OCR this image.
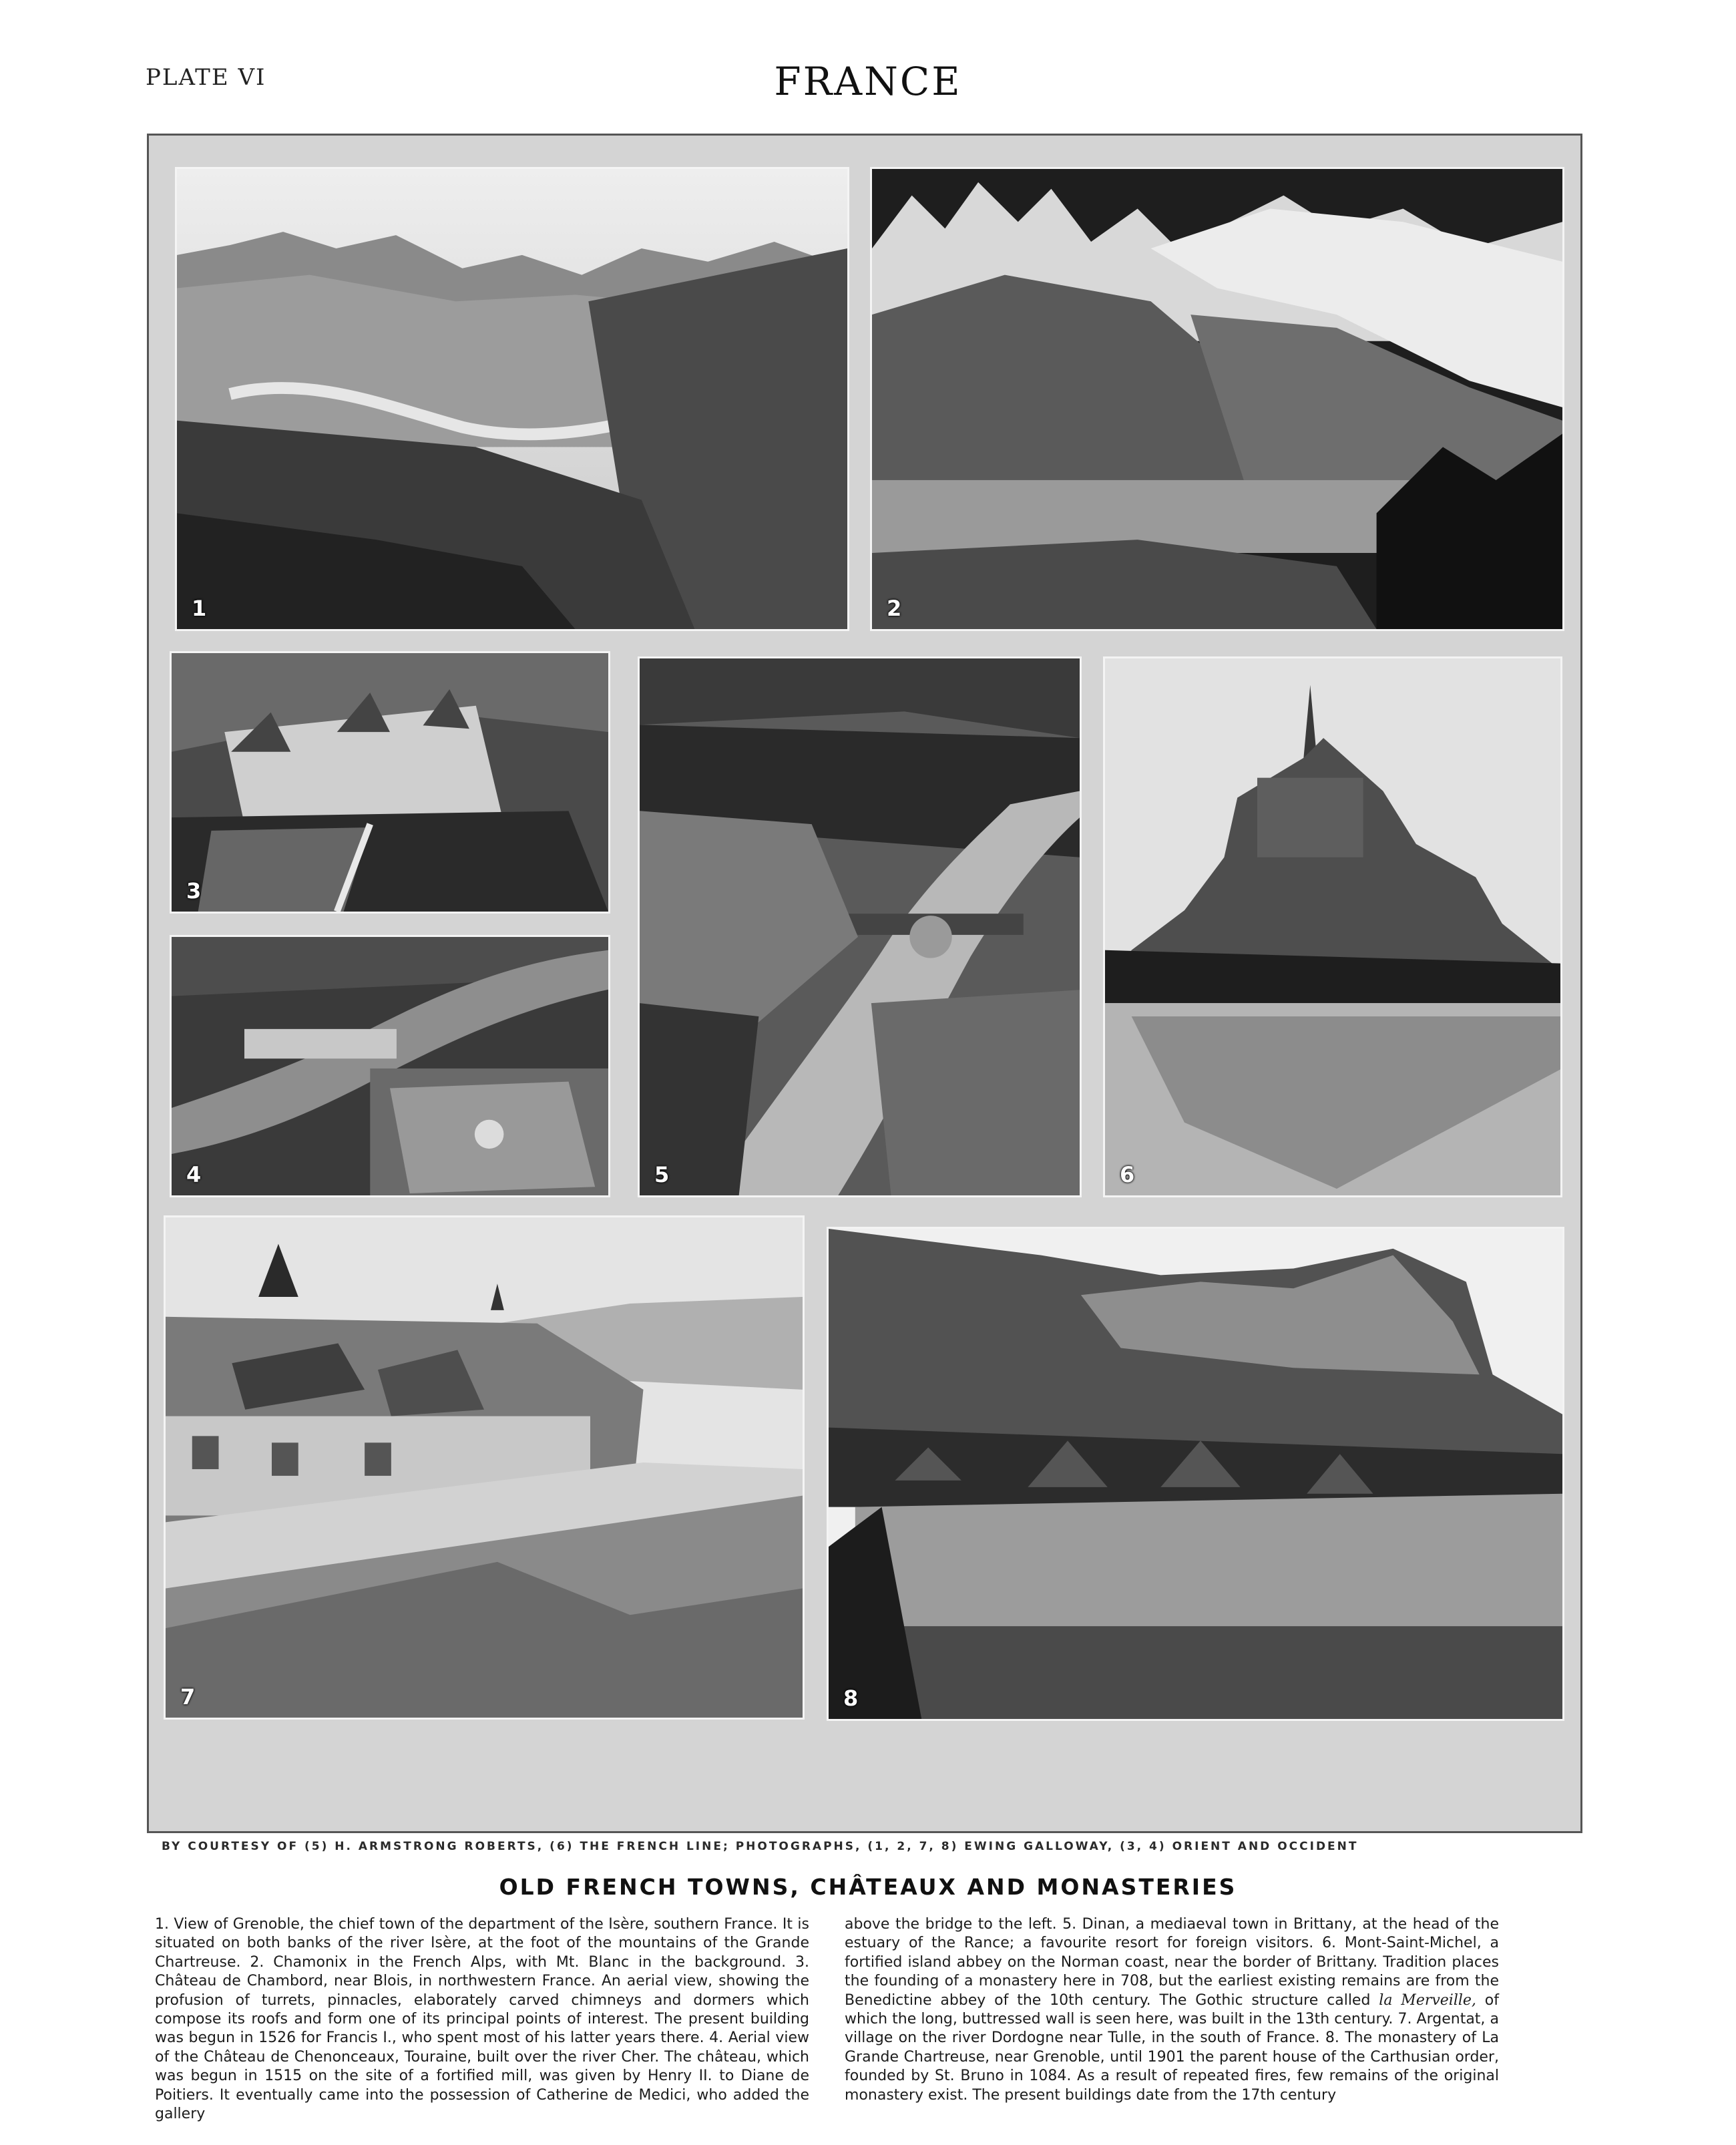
PLATE VI	FRANCE
1	2
3
4	5	6
7	8
BY COURTESY OF (5) H. ARMSTRONG ROBERTS, (6) THE FRENCH LINE; PHOTOGRAPHS, (1, 2, 7, 8) EWING GALLOWAY, (3, 4) ORIENT AND OCCIDENT
OLD FRENCH TOWNS, CHÂTEAUX AND MONASTERIES
1. View of Grenoble, the chief town of the department of the Isère, southern France. It is situated on both banks of the river Isère, at the foot of the mountains of the Grande Chartreuse. 2. Chamonix in the French Alps, with Mt. Blanc in the background. 3. Château de Chambord, near Blois, in northwestern France. An aerial view, showing the profusion of turrets, pinnacles, elaborately carved chimneys and dormers which compose its roofs and form one of its principal points of interest. The present building was begun in 1526 for Francis I., who spent most of his latter years there. 4. Aerial view of the Château de Chenonceaux, Touraine, built over the river Cher. The château, which was begun in 1515 on the site of a fortified mill, was given by Henry II. to Diane de Poitiers. It eventually came into the possession of Catherine de Medici, who added the gallery
above the bridge to the left. 5. Dinan, a mediaeval town in Brittany, at the head of the estuary of the Rance; a favourite resort for foreign visitors. 6. Mont-Saint-Michel, a fortified island abbey on the Norman coast, near the border of Brittany. Tradition places the founding of a monastery here in 708, but the earliest existing remains are from the Benedictine abbey of the 10th century. The Gothic structure called la Merveille, of which the long, buttressed wall is seen here, was built in the 13th century. 7. Argentat, a village on the river Dordogne near Tulle, in the south of France. 8. The monastery of La Grande Chartreuse, near Grenoble, until 1901 the parent house of the Carthusian order, founded by St. Bruno in 1084. As a result of repeated fires, few remains of the original monastery exist. The present buildings date from the 17th century
